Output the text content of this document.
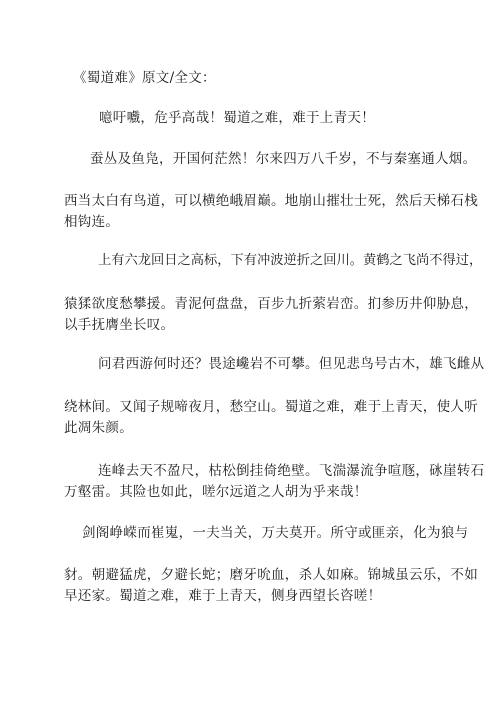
《蜀道难》原文/全文：
噫吁嚱，危乎高哉！蜀道之难，难于上青天！
蚕丛及鱼凫，开国何茫然！尔来四万八千岁，不与秦塞通人烟。
西当太白有鸟道，可以横绝峨眉巅。地崩山摧壮士死，然后天梯石栈
相钩连。
上有六龙回日之高标，下有冲波逆折之回川。黄鹤之飞尚不得过，
猿猱欲度愁攀援。青泥何盘盘，百步九折萦岩峦。扪参历井仰胁息，
以手抚膺坐长叹。
问君西游何时还？畏途巉岩不可攀。但见悲鸟号古木，雄飞雌从
绕林间。又闻子规啼夜月，愁空山。蜀道之难，难于上青天，使人听
此凋朱颜。
连峰去天不盈尺，枯松倒挂倚绝壁。飞湍瀑流争喧豗，砯崖转石
万壑雷。其险也如此，嗟尔远道之人胡为乎来哉！
剑阁峥嵘而崔嵬，一夫当关，万夫莫开。所守或匪亲，化为狼与
豺。朝避猛虎，夕避长蛇；磨牙吮血，杀人如麻。锦城虽云乐，不如
早还家。蜀道之难，难于上青天，侧身西望长咨嗟！
